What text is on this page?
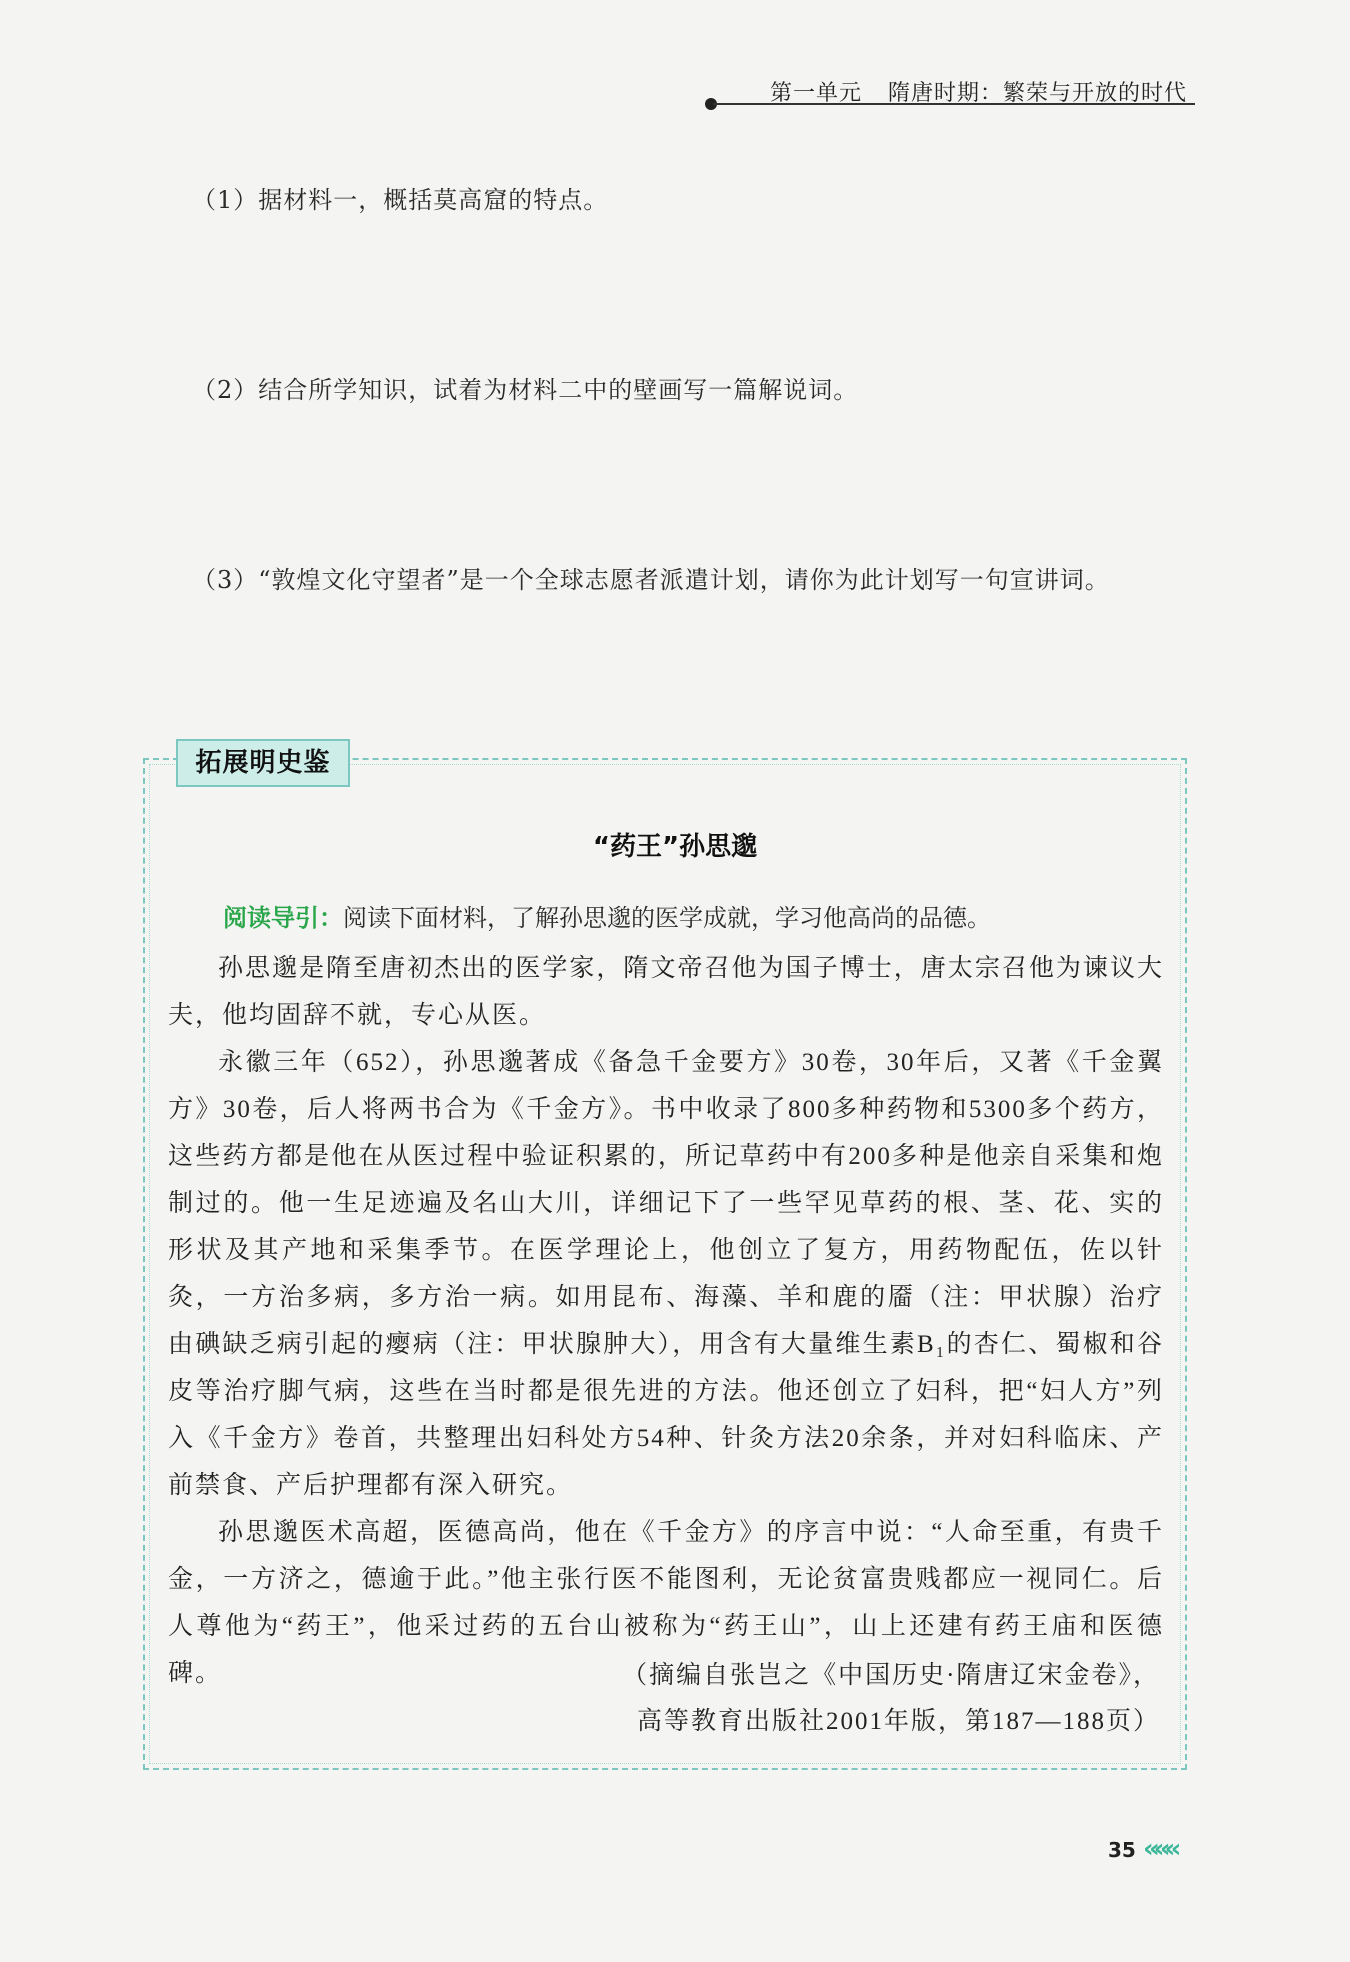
第一单元 隋唐时期：繁荣与开放的时代
（1）据材料一，概括莫高窟的特点。
（2）结合所学知识，试着为材料二中的壁画写一篇解说词。
（3）“敦煌文化守望者”是一个全球志愿者派遣计划，请你为此计划写一句宣讲词。
拓展明史鉴
“药王”孙思邈
阅读导引：阅读下面材料，了解孙思邈的医学成就，学习他高尚的品德。

孙思邈是隋至唐初杰出的医学家，隋文帝召他为国子博士，唐太宗召他为谏议大夫，他均固辞不就，专心从医。

永徽三年（652），孙思邈著成《备急千金要方》30卷，30年后，又著《千金翼方》30卷，后人将两书合为《千金方》。书中收录了800多种药物和5300多个药方，这些药方都是他在从医过程中验证积累的，所记草药中有200多种是他亲自采集和炮制过的。他一生足迹遍及名山大川，详细记下了一些罕见草药的根、茎、花、实的形状及其产地和采集季节。在医学理论上，他创立了复方，用药物配伍，佐以针灸，一方治多病，多方治一病。如用昆布、海藻、羊和鹿的靥（注：甲状腺）治疗由碘缺乏病引起的瘿病（注：甲状腺肿大），用含有大量维生素B₁的杏仁、蜀椒和谷皮等治疗脚气病，这些在当时都是很先进的方法。他还创立了妇科，把“妇人方”列入《千金方》卷首，共整理出妇科处方54种、针灸方法20余条，并对妇科临床、产前禁食、产后护理都有深入研究。

孙思邈医术高超，医德高尚，他在《千金方》的序言中说：“人命至重，有贵千金，一方济之，德逾于此。”他主张行医不能图利，无论贫富贵贱都应一视同仁。后人尊他为“药王”，他采过药的五台山被称为“药王山”，山上还建有药王庙和医德碑。	（摘编自张岂之《中国历史·隋唐辽宋金卷》，
高等教育出版社2001年版，第187—188页）
35 «««
